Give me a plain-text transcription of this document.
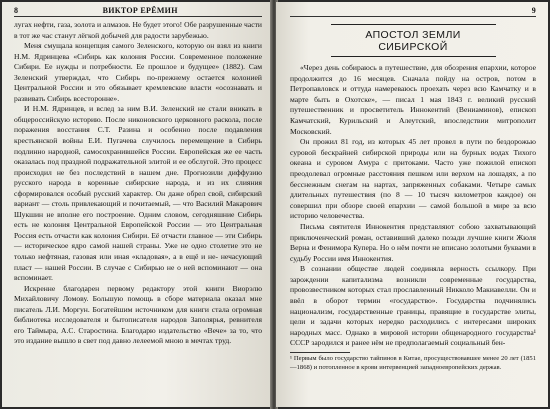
8	ВИКТОР ЕРЁМИН

лугах нефти, газа, золота и алмазов. Не будет этого! Обе разрушенные части в тот же час станут лёгкой добычей для радости зарубежью.

Меня смущала концепция самого Зеленского, которую он взял из книги Н.М. Ядринцева «Сибирь как колония России. Современное положение Сибири. Ее нужды и потребности. Ее прошлое и будущее» (1882). Сам Зеленский утверждал, что Сибирь по-прежнему остается колонией Центральной России и это обязывает кремлевские власти «осознавать и развивать Сибирь всесторонне».

И Н.М. Ядринцев, и вслед за ним В.И. Зеленский не стали вникать в общероссийскую историю. После никоновского церковного раскола, после поражения восстания С.Т. Разина и особенно после подавления крестьянской войны Е.И. Пугачева случилось перемещение в Сибирь подлинно народной, самосохранившейся России. Европейская же ее часть оказалась под праздной подражательной элитой и ее обслугой. Это процесс происходил не без последствий в нашем дне. Прогнозили диффузию русского народа в коренные сибирские народа, и из их слияния сформировался особый русский характер. Он даже обрел свой, сибирский вариант — столь привлекающий и почитаемый, — что Василий Макарович Шукшин не вполне его построение. Одним словом, сегодняшние Сибирь есть не колония Центральной Европейской России — это Центральная Россия есть отчасти как колония Сибири. Её отчасти главное — эти Сибирь — историческое ядро самой нашей страны. Уже не одно столетие это не только нефтяная, газовая или иная «кладовая», а в ещё и не- нечасующий пласт — нашей России. В случае с Сибирью не о ней вспоминают — она вспоминает.

Искренне благодарен первому редактору этой книги Виорэлю Михайловичу Ломову. Большую помощь в сборе материала оказал мне писатель Л.И. Моргун. Богатейшим источником для книги стала огромная библиотека исследователя и бытописателя народов Заполярья, ревнителя его Таймыра, А.С. Старостина. Благодарю издательство «Вече» за то, что это издание вышло в свет под давно лелеемой мною в мечтах труд.

9
АПОСТОЛ ЗЕМЛИ СИБИРСКОЙ

«Через день собираюсь в путешествие, для обозрения епархии, которое продолжится до 16 месяцев. Сначала пойду на остров, потом в Петропавловск и оттуда намереваюсь проехать через всю Камчатку и в марте быть в Охотске», — писал 1 мая 1843 г. великий русский путешественник и просветитель Иннокентий (Вениаминов), епископ Камчатский, Курильский и Алеутский, впоследствии митрополит Московский.

Он прожил 81 год, из которых 45 лет провел в пути по бездорожью суровой бескрайней сибирской природы или на бурных водах Тихого океана и суровом Амура с притоками. Часто уже пожилой епископ преодолевал огромные расстояния пешком или верхом на лошадях, а по бесснежным снегам на нартах, запряженных собаками. Четыре самых длительных путешествия (по 8 — 10 тысяч километров каждое) он совершил при обзоре своей епархии — самой большой в мире за всю историю человечества.

Письма святителя Иннокентия представляют собою захватывающий приключенческий роман, оставивший далеко позади лучшие книги Жюля Верна и Фенимора Купера. Но о нём почти не вписано золотыми буквами в судьбу России имя Иннокентия.

В сознании обществе людей соединяла верность ссылкору. При зарождении капитализма возникли современные государства, провозвестником которых стал прославленный Никколо Макиавелли. Он и ввёл в оборот термин «государство». Государства подчинялись национализм, государственные границы, правящие в государстве элиты, цели и задачи которых нередко расходились с интересами широких народных масс. Однако в мировой истории общенародного государства¹ СССР зародился и ранее нём не предполагаемый социальный бен-

¹ Первым было государство тайпинов в Китае, просуществовавшее менее 20 лет (1851—1868) и потопленное в крови интервенцией западноевропейских держав.
